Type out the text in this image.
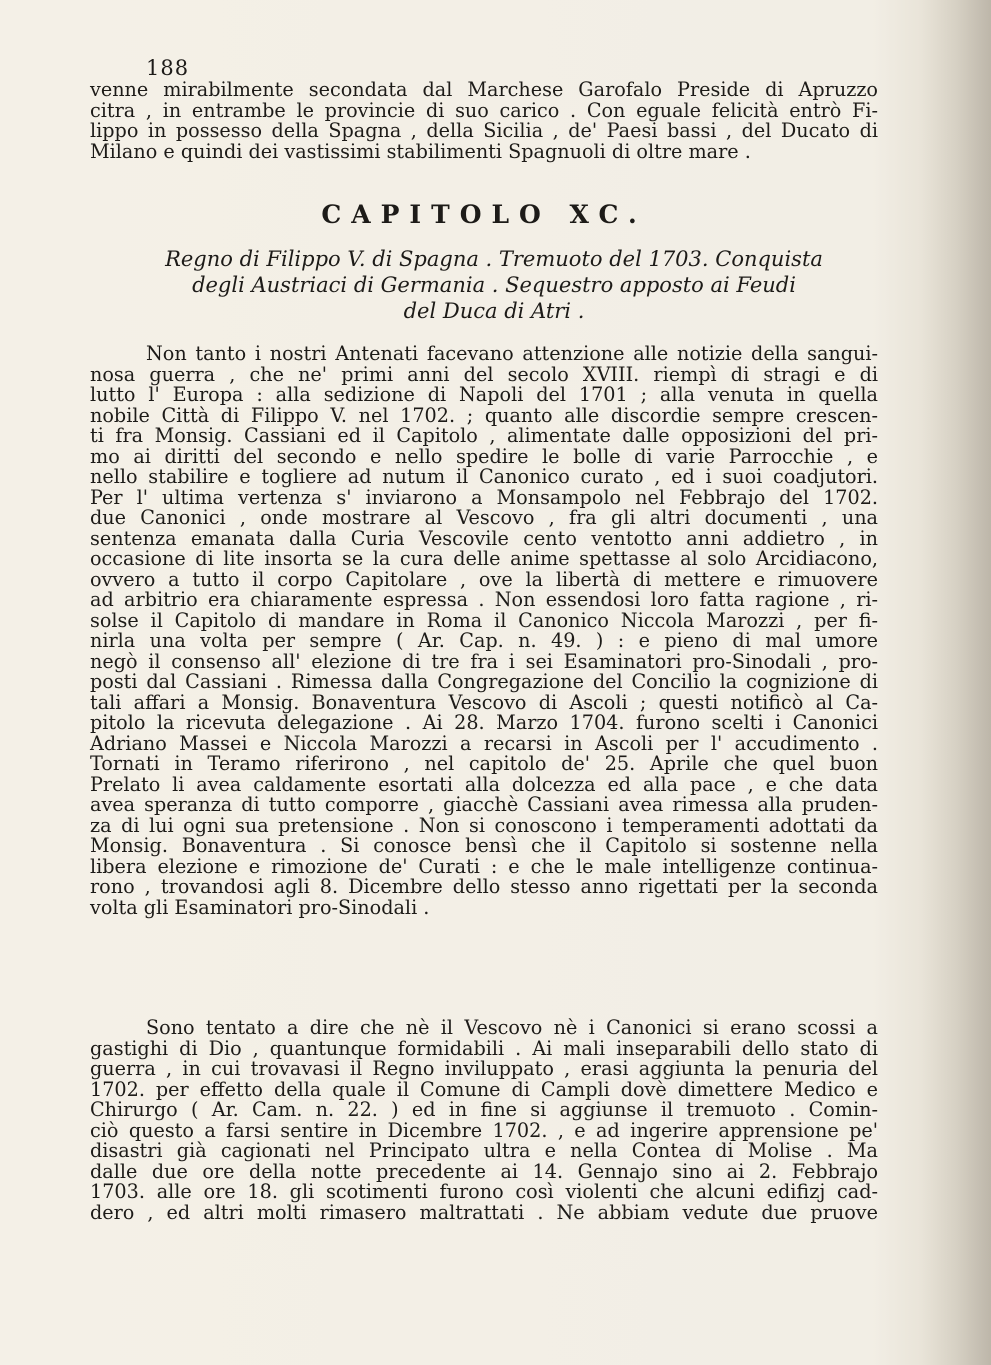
188
venne mirabilmente secondata dal Marchese Garofalo Preside di Apruzzo
citra , in entrambe le provincie di suo carico . Con eguale felicità entrò Fi-
lippo in possesso della Spagna , della Sicilia , de' Paesi bassi , del Ducato di
Milano e quindi dei vastissimi stabilimenti Spagnuoli di oltre mare .
CAPITOLO XC.
Regno di Filippo V. di Spagna . Tremuoto del 1703. Conquista
degli Austriaci di Germania . Sequestro apposto ai Feudi
del Duca di Atri .
Non tanto i nostri Antenati facevano attenzione alle notizie della sangui-
nosa guerra , che ne' primi anni del secolo XVIII. riempì di stragi e di
lutto l' Europa : alla sedizione di Napoli del 1701 ; alla venuta in quella
nobile Città di Filippo V. nel 1702. ; quanto alle discordie sempre crescen-
ti fra Monsig. Cassiani ed il Capitolo , alimentate dalle opposizioni del pri-
mo ai diritti del secondo e nello spedire le bolle di varie Parrocchie , e
nello stabilire e togliere ad nutum il Canonico curato , ed i suoi coadjutori.
Per l' ultima vertenza s' inviarono a Monsampolo nel Febbrajo del 1702.
due Canonici , onde mostrare al Vescovo , fra gli altri documenti , una
sentenza emanata dalla Curia Vescovile cento ventotto anni addietro , in
occasione di lite insorta se la cura delle anime spettasse al solo Arcidiacono,
ovvero a tutto il corpo Capitolare , ove la libertà di mettere e rimuovere
ad arbitrio era chiaramente espressa . Non essendosi loro fatta ragione , ri-
solse il Capitolo di mandare in Roma il Canonico Niccola Marozzi , per fi-
nirla una volta per sempre ( Ar. Cap. n. 49. ) : e pieno di mal umore
negò il consenso all' elezione di tre fra i sei Esaminatori pro-Sinodali , pro-
posti dal Cassiani . Rimessa dalla Congregazione del Concilio la cognizione di
tali affari a Monsig. Bonaventura Vescovo di Ascoli ; questi notificò al Ca-
pitolo la ricevuta delegazione . Ai 28. Marzo 1704. furono scelti i Canonici
Adriano Massei e Niccola Marozzi a recarsi in Ascoli per l' accudimento .
Tornati in Teramo riferirono , nel capitolo de' 25. Aprile che quel buon
Prelato li avea caldamente esortati alla dolcezza ed alla pace , e che data
avea speranza di tutto comporre , giacchè Cassiani avea rimessa alla pruden-
za di lui ogni sua pretensione . Non si conoscono i temperamenti adottati da
Monsig. Bonaventura . Si conosce bensì che il Capitolo si sostenne nella
libera elezione e rimozione de' Curati : e che le male intelligenze continua-
rono , trovandosi agli 8. Dicembre dello stesso anno rigettati per la seconda
volta gli Esaminatori pro-Sinodali .
Sono tentato a dire che nè il Vescovo nè i Canonici si erano scossi a
gastighi di Dio , quantunque formidabili . Ai mali inseparabili dello stato di
guerra , in cui trovavasi il Regno inviluppato , erasi aggiunta la penuria del
1702. per effetto della quale il Comune di Campli dovè dimettere Medico e
Chirurgo ( Ar. Cam. n. 22. ) ed in fine si aggiunse il tremuoto . Comin-
ciò questo a farsi sentire in Dicembre 1702. , e ad ingerire apprensione pe'
disastri già cagionati nel Principato ultra e nella Contea di Molise . Ma
dalle due ore della notte precedente ai 14. Gennajo sino ai 2. Febbrajo
1703. alle ore 18. gli scotimenti furono così violenti che alcuni edifizj cad-
dero , ed altri molti rimasero maltrattati . Ne abbiam vedute due pruove
